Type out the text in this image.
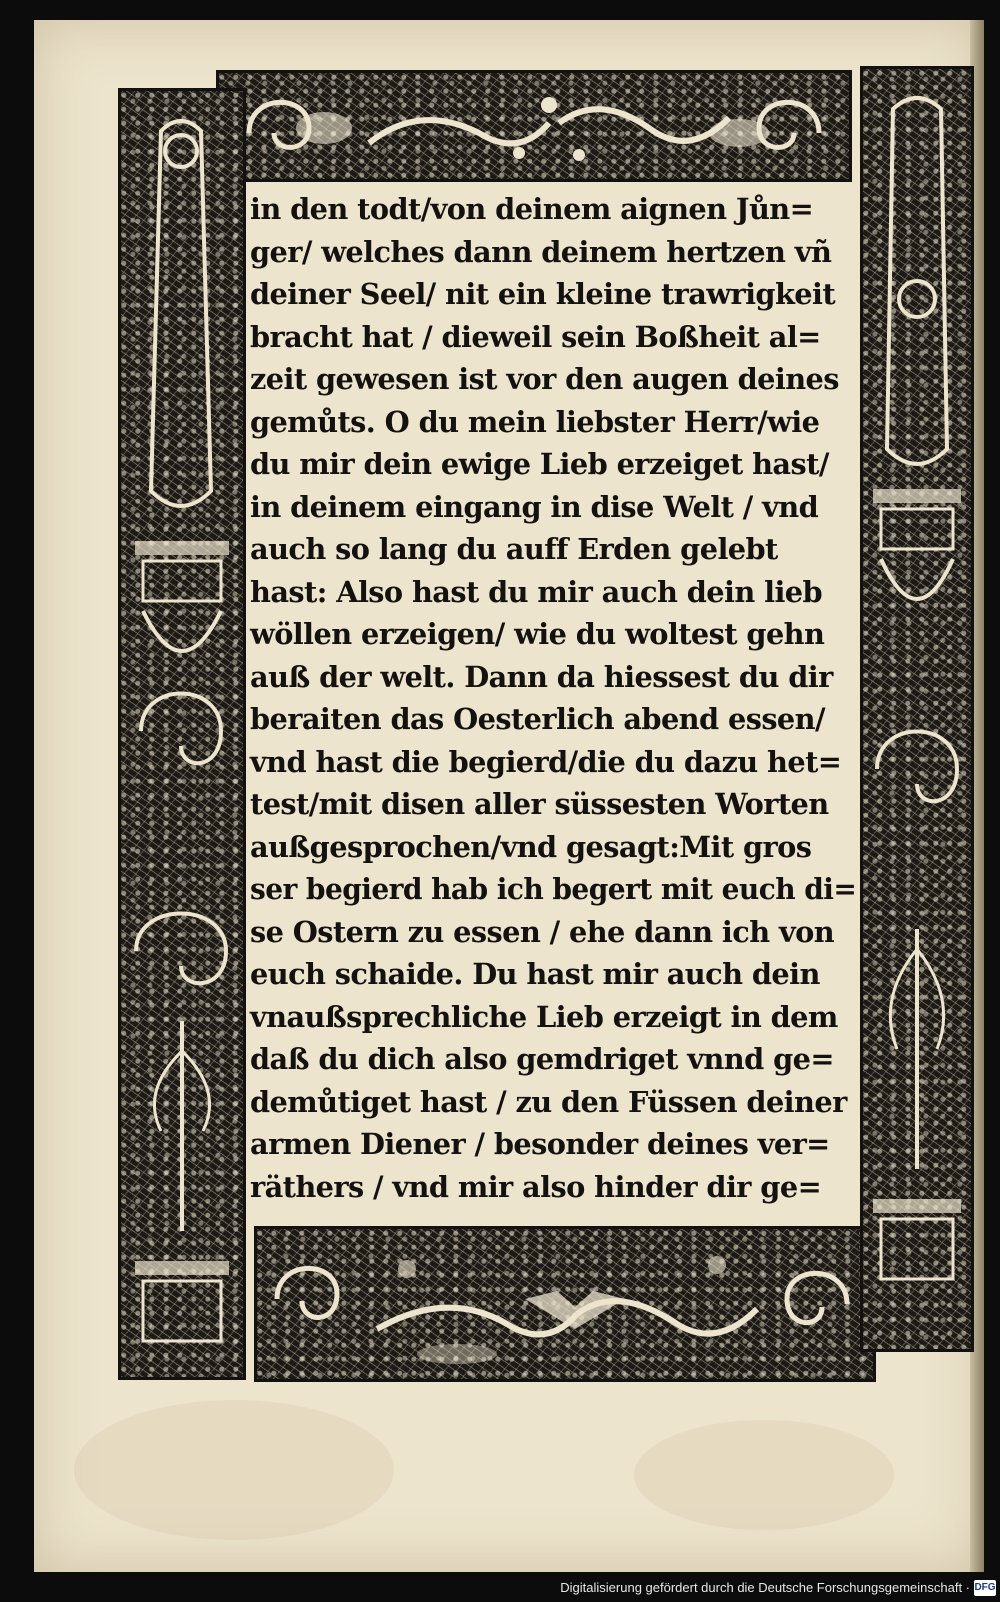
in den todt/von deinem aignen Jůn=
ger/ welches dann deinem hertzen vñ
deiner Seel/ nit ein kleine trawrigkeit
bracht hat / dieweil sein Boßheit al=
zeit gewesen ist vor den augen deines
gemůts. O du mein liebster Herr/wie
du mir dein ewige Lieb erzeiget hast/
in deinem eingang in dise Welt / vnd
auch so lang du auff Erden gelebt
hast: Also hast du mir auch dein lieb
wöllen erzeigen/ wie du woltest gehn
auß der welt. Dann da hiessest du dir
beraiten das Oesterlich abend essen/
vnd hast die begierd/die du dazu het=
test/mit disen aller süssesten Worten
außgesprochen/vnd gesagt:Mit gros
ser begierd hab ich begert mit euch di=
se Ostern zu essen / ehe dann ich von
euch schaide. Du hast mir auch dein
vnaußsprechliche Lieb erzeigt in dem
daß du dich also gemdriget vnnd ge=
demůtiget hast / zu den Füssen deiner
armen Diener / besonder deines ver=
räthers / vnd mir also hinder dir ge=
Digitalisierung gefördert durch die Deutsche Forschungsgemeinschaft · DFG
